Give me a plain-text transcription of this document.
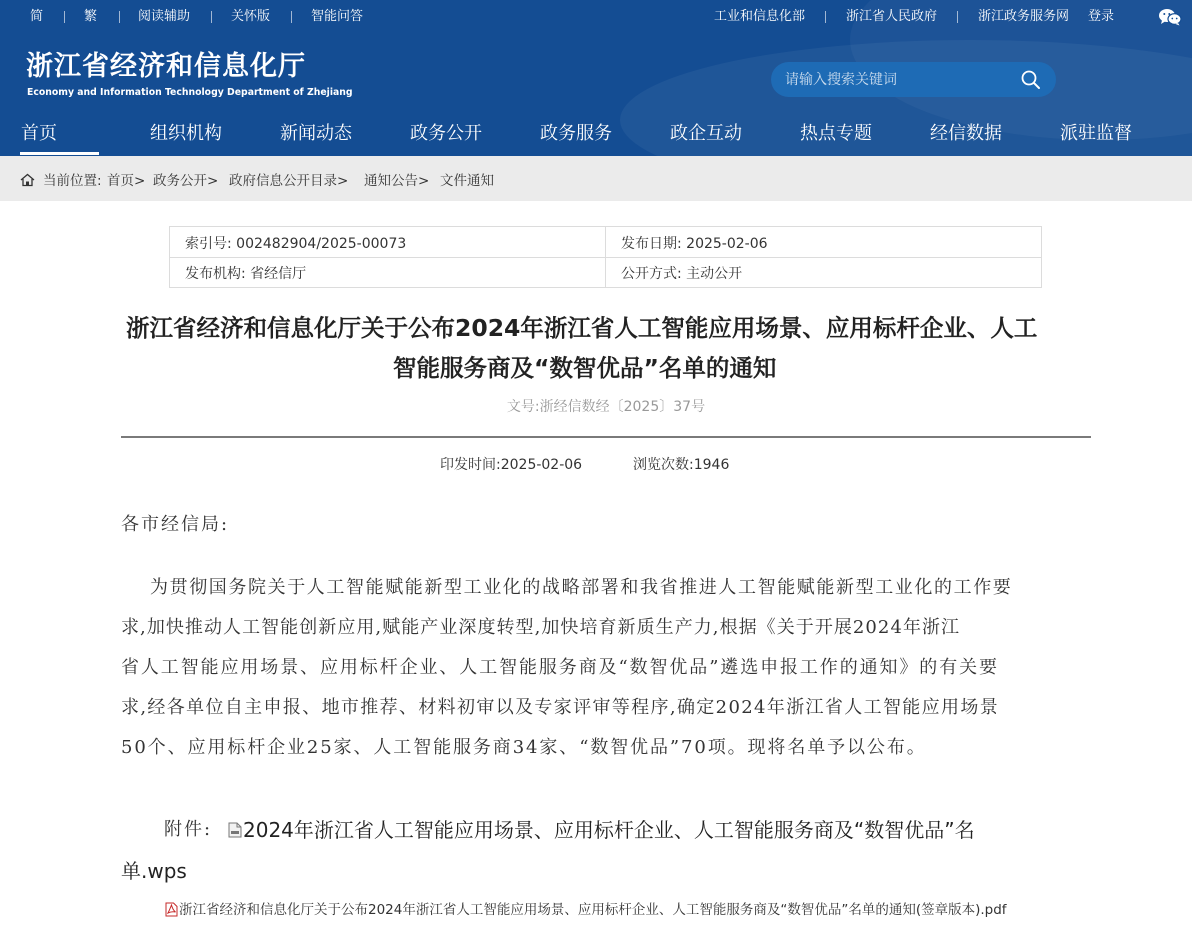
简	繁	阅读辅助	关怀版	智能问答	工业和信息化部	浙江省人民政府	浙江政务服务网 登录
浙江省经济和信息化厅
Economy and Information Technology Department of Zhejiang
请输入搜索关键词
首页	组织机构	新闻动态	政务公开	政务服务	政企互动	热点专题	经信数据	派驻监督
当前位置: 首页> 政务公开> 政府信息公开目录> 通知公告> 文件通知
索引号: 002482904/2025-00073	发布日期: 2025-02-06
发布机构: 省经信厅	公开方式: 主动公开
浙江省经济和信息化厅关于公布2024年浙江省人工智能应用场景、应用标杆企业、人工
智能服务商及“数智优品”名单的通知
文号:浙经信数经〔2025〕37号
印发时间:2025-02-06	浏览次数:1946
各市经信局:
为贯彻国务院关于人工智能赋能新型工业化的战略部署和我省推进人工智能赋能新型工业化的工作要
求,加快推动人工智能创新应用,赋能产业深度转型,加快培育新质生产力,根据《关于开展2024年浙江
省人工智能应用场景、应用标杆企业、人工智能服务商及“数智优品”遴选申报工作的通知》的有关要
求,经各单位自主申报、地市推荐、材料初审以及专家评审等程序,确定2024年浙江省人工智能应用场景
50个、应用标杆企业25家、人工智能服务商34家、“数智优品”70项。现将名单予以公布。
附件: 2024年浙江省人工智能应用场景、应用标杆企业、人工智能服务商及“数智优品”名
单.wps
浙江省经济和信息化厅关于公布2024年浙江省人工智能应用场景、应用标杆企业、人工智能服务商及“数智优品”名单的通知(签章版本).pdf
